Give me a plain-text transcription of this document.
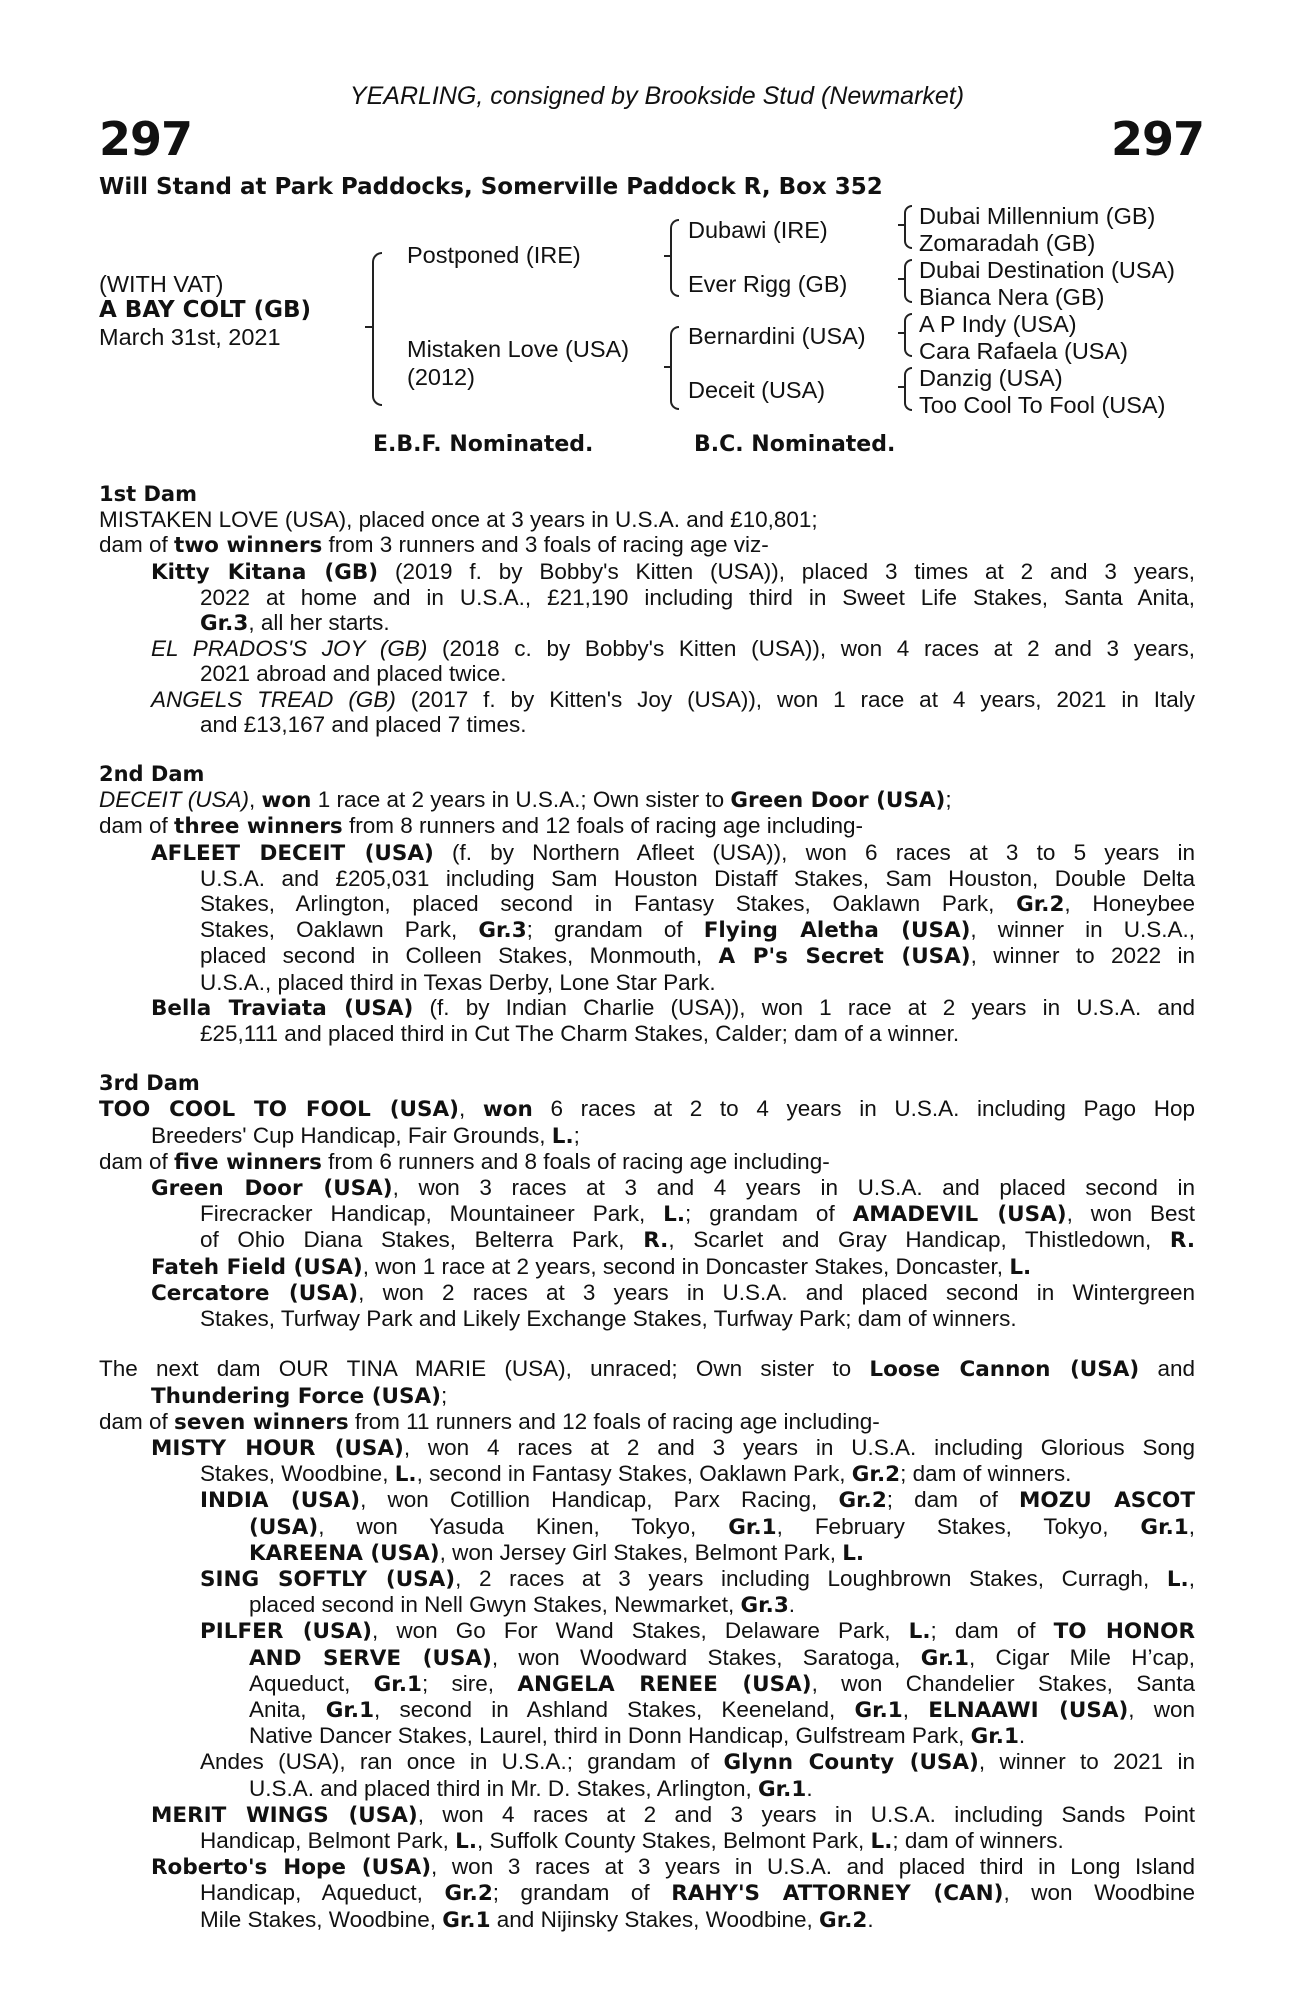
YEARLING, consigned by Brookside Stud (Newmarket)
297	297
Will Stand at Park Paddocks, Somerville Paddock R, Box 352
(WITH VAT)
A BAY COLT (GB)
March 31st, 2021
Postponed (IRE)
Mistaken Love (USA)
(2012)
Dubawi (IRE)
Ever Rigg (GB)
Bernardini (USA)
Deceit (USA)
Dubai Millennium (GB)
Zomaradah (GB)
Dubai Destination (USA)
Bianca Nera (GB)
A P Indy (USA)
Cara Rafaela (USA)
Danzig (USA)
Too Cool To Fool (USA)
E.B.F. Nominated.	B.C. Nominated.
1st Dam
MISTAKEN LOVE (USA), placed once at 3 years in U.S.A. and £10,801;
dam of two winners from 3 runners and 3 foals of racing age viz-
Kitty Kitana (GB) (2019 f. by Bobby's Kitten (USA)), placed 3 times at 2 and 3 years,
2022 at home and in U.S.A., £21,190 including third in Sweet Life Stakes, Santa Anita,
Gr.3, all her starts.
EL PRADOS'S JOY (GB) (2018 c. by Bobby's Kitten (USA)), won 4 races at 2 and 3 years,
2021 abroad and placed twice.
ANGELS TREAD (GB) (2017 f. by Kitten's Joy (USA)), won 1 race at 4 years, 2021 in Italy
and £13,167 and placed 7 times.
2nd Dam
DECEIT (USA), won 1 race at 2 years in U.S.A.; Own sister to Green Door (USA);
dam of three winners from 8 runners and 12 foals of racing age including-
AFLEET DECEIT (USA) (f. by Northern Afleet (USA)), won 6 races at 3 to 5 years in
U.S.A. and £205,031 including Sam Houston Distaff Stakes, Sam Houston, Double Delta
Stakes, Arlington, placed second in Fantasy Stakes, Oaklawn Park, Gr.2, Honeybee
Stakes, Oaklawn Park, Gr.3; grandam of Flying Aletha (USA), winner in U.S.A.,
placed second in Colleen Stakes, Monmouth, A P's Secret (USA), winner to 2022 in
U.S.A., placed third in Texas Derby, Lone Star Park.
Bella Traviata (USA) (f. by Indian Charlie (USA)), won 1 race at 2 years in U.S.A. and
£25,111 and placed third in Cut The Charm Stakes, Calder; dam of a winner.
3rd Dam
TOO COOL TO FOOL (USA), won 6 races at 2 to 4 years in U.S.A. including Pago Hop
Breeders' Cup Handicap, Fair Grounds, L.;
dam of five winners from 6 runners and 8 foals of racing age including-
Green Door (USA), won 3 races at 3 and 4 years in U.S.A. and placed second in
Firecracker Handicap, Mountaineer Park, L.; grandam of AMADEVIL (USA), won Best
of Ohio Diana Stakes, Belterra Park, R., Scarlet and Gray Handicap, Thistledown, R.
Fateh Field (USA), won 1 race at 2 years, second in Doncaster Stakes, Doncaster, L.
Cercatore (USA), won 2 races at 3 years in U.S.A. and placed second in Wintergreen
Stakes, Turfway Park and Likely Exchange Stakes, Turfway Park; dam of winners.
The next dam OUR TINA MARIE (USA), unraced; Own sister to Loose Cannon (USA) and
Thundering Force (USA);
dam of seven winners from 11 runners and 12 foals of racing age including-
MISTY HOUR (USA), won 4 races at 2 and 3 years in U.S.A. including Glorious Song
Stakes, Woodbine, L., second in Fantasy Stakes, Oaklawn Park, Gr.2; dam of winners.
INDIA (USA), won Cotillion Handicap, Parx Racing, Gr.2; dam of MOZU ASCOT
(USA), won Yasuda Kinen, Tokyo, Gr.1, February Stakes, Tokyo, Gr.1,
KAREENA (USA), won Jersey Girl Stakes, Belmont Park, L.
SING SOFTLY (USA), 2 races at 3 years including Loughbrown Stakes, Curragh, L.,
placed second in Nell Gwyn Stakes, Newmarket, Gr.3.
PILFER (USA), won Go For Wand Stakes, Delaware Park, L.; dam of TO HONOR
AND SERVE (USA), won Woodward Stakes, Saratoga, Gr.1, Cigar Mile H’cap,
Aqueduct, Gr.1; sire, ANGELA RENEE (USA), won Chandelier Stakes, Santa
Anita, Gr.1, second in Ashland Stakes, Keeneland, Gr.1, ELNAAWI (USA), won
Native Dancer Stakes, Laurel, third in Donn Handicap, Gulfstream Park, Gr.1.
Andes (USA), ran once in U.S.A.; grandam of Glynn County (USA), winner to 2021 in
U.S.A. and placed third in Mr. D. Stakes, Arlington, Gr.1.
MERIT WINGS (USA), won 4 races at 2 and 3 years in U.S.A. including Sands Point
Handicap, Belmont Park, L., Suffolk County Stakes, Belmont Park, L.; dam of winners.
Roberto's Hope (USA), won 3 races at 3 years in U.S.A. and placed third in Long Island
Handicap, Aqueduct, Gr.2; grandam of RAHY'S ATTORNEY (CAN), won Woodbine
Mile Stakes, Woodbine, Gr.1 and Nijinsky Stakes, Woodbine, Gr.2.
